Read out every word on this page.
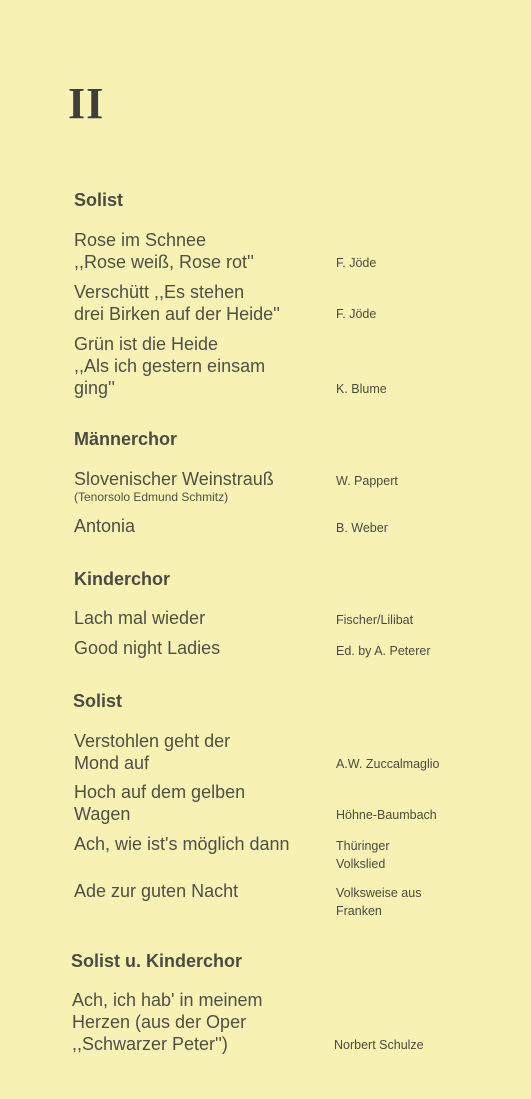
II
Solist
Rose im Schnee
,,Rose weiß, Rose rot''	F. Jöde
Verschütt ,,Es stehen
drei Birken auf der Heide''	F. Jöde
Grün ist die Heide
,,Als ich gestern einsam
ging''	K. Blume
Männerchor
Slovenischer Weinstrauß
(Tenorsolo Edmund Schmitz)
W. Pappert
Antonia	B. Weber
Kinderchor
Lach mal wieder	Fischer/Lilibat
Good night Ladies	Ed. by A. Peterer
Solist
Verstohlen geht der
Mond auf	A.W. Zuccalmaglio
Hoch auf dem gelben
Wagen	Höhne-Baumbach
Ach, wie ist's möglich dann	Thüringer
Volkslied
Ade zur guten Nacht	Volksweise aus
Franken
Solist u. Kinderchor
Ach, ich hab' in meinem
Herzen (aus der Oper
,,Schwarzer Peter'')	Norbert Schulze
